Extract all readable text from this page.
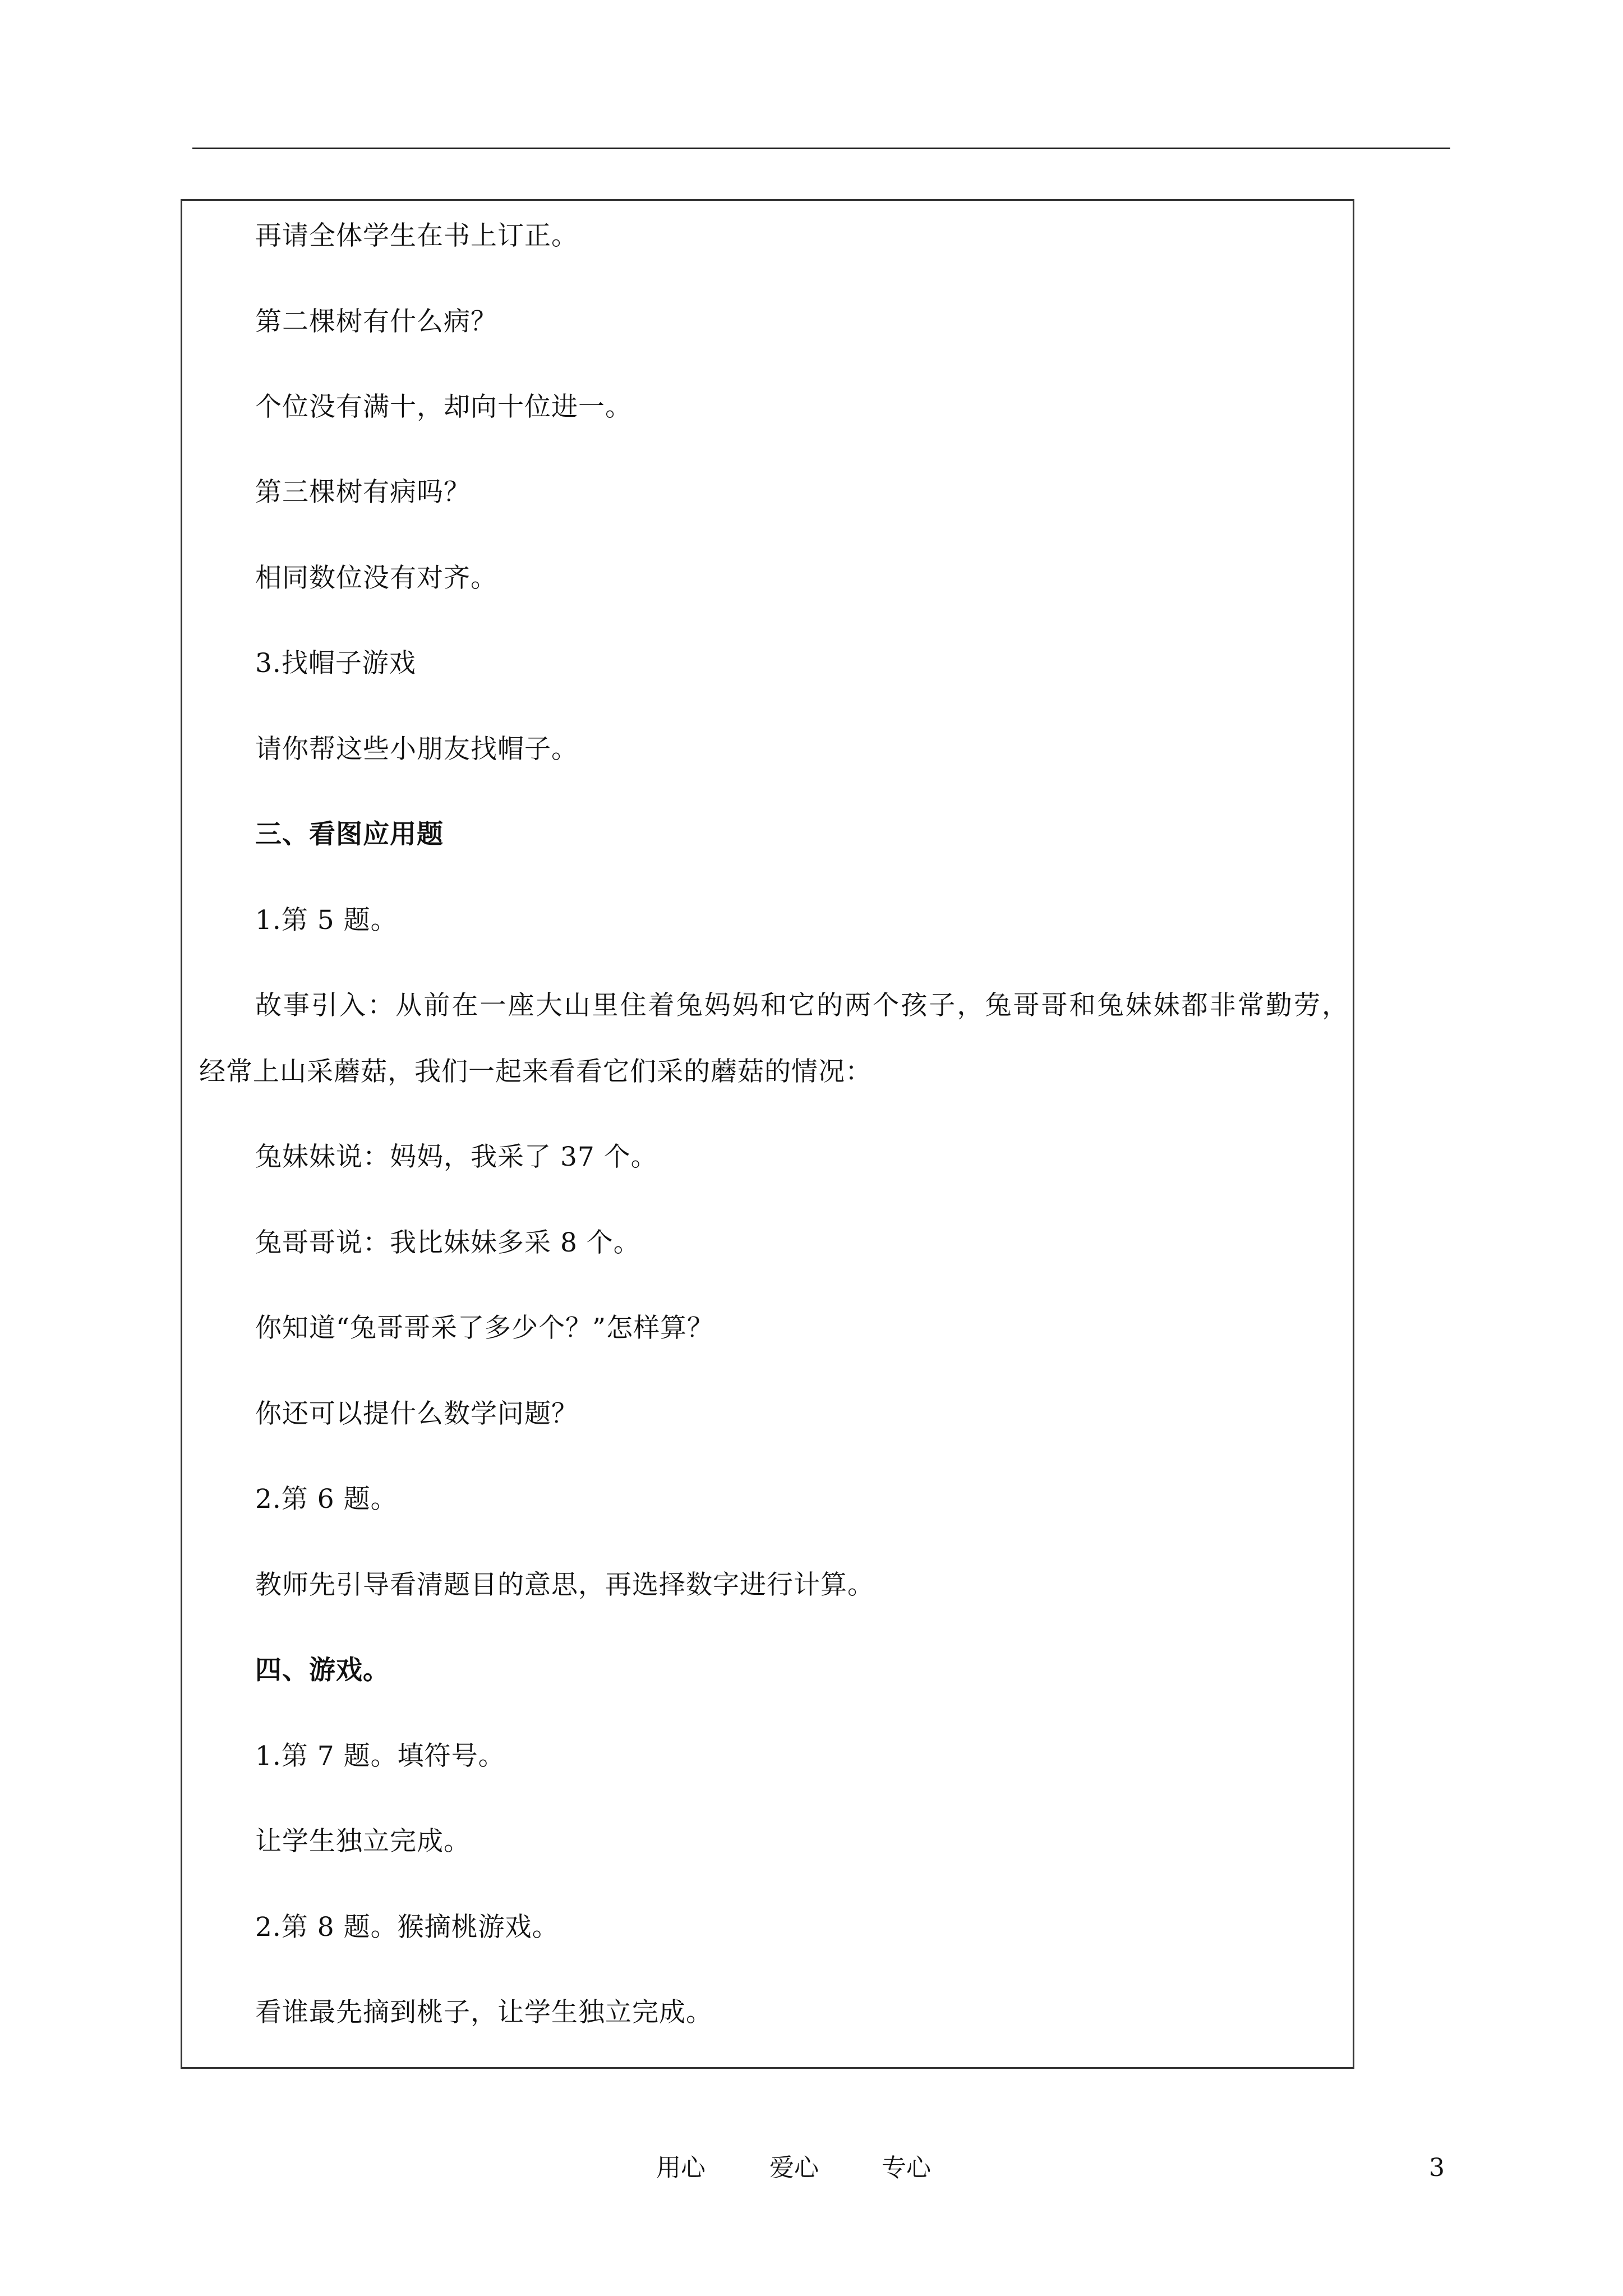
再请全体学生在书上订正。
第二棵树有什么病？
个位没有满十，却向十位进一。
第三棵树有病吗？
相同数位没有对齐。
3.找帽子游戏
请你帮这些小朋友找帽子。
三、看图应用题
1.第 5 题。
故事引入：从前在一座大山里住着兔妈妈和它的两个孩子，兔哥哥和兔妹妹都非常勤劳，
经常上山采蘑菇，我们一起来看看它们采的蘑菇的情况：
兔妹妹说：妈妈，我采了 37 个。
兔哥哥说：我比妹妹多采 8 个。
你知道“兔哥哥采了多少个？”怎样算？
你还可以提什么数学问题？
2.第 6 题。
教师先引导看清题目的意思，再选择数字进行计算。
四、游戏。
1.第 7 题。填符号。
让学生独立完成。
2.第 8 题。猴摘桃游戏。
看谁最先摘到桃子，让学生独立完成。
用心	爱心	专心	3
